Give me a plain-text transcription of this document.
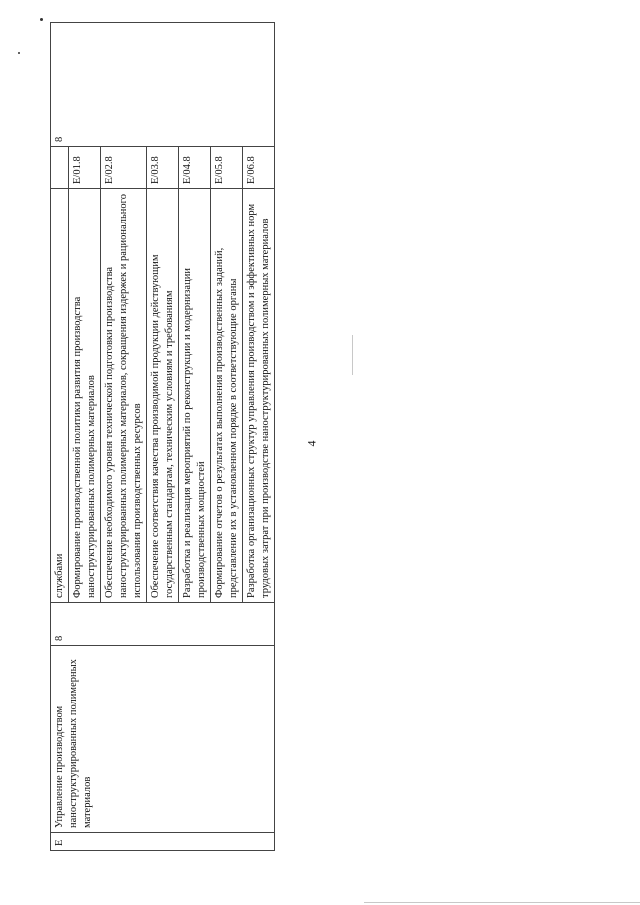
4
E	Управление производством наноструктурированных полимерных материалов	8	службами		8
			Формирование производственной политики развития производства наноструктурированных полимерных материалов	E/01.8	
			Обеспечение необходимого уровня технической подготовки производства наноструктурированных полимерных материалов, сокращения издержек и рационального использования производственных ресурсов	E/02.8	
			Обеспечение соответствия качества производимой продукции действующим государственным стандартам, техническим условиям и требованиям	E/03.8	
			Разработка и реализация мероприятий по реконструкции и модернизации производственных мощностей	E/04.8	
			Формирование отчетов о результатах выполнения производственных заданий, представление их в установленном порядке в соответствующие органы	E/05.8	
			Разработка организационных структур управления производством и эффективных норм трудовых затрат при производстве наноструктурированных полимерных материалов	E/06.8	
